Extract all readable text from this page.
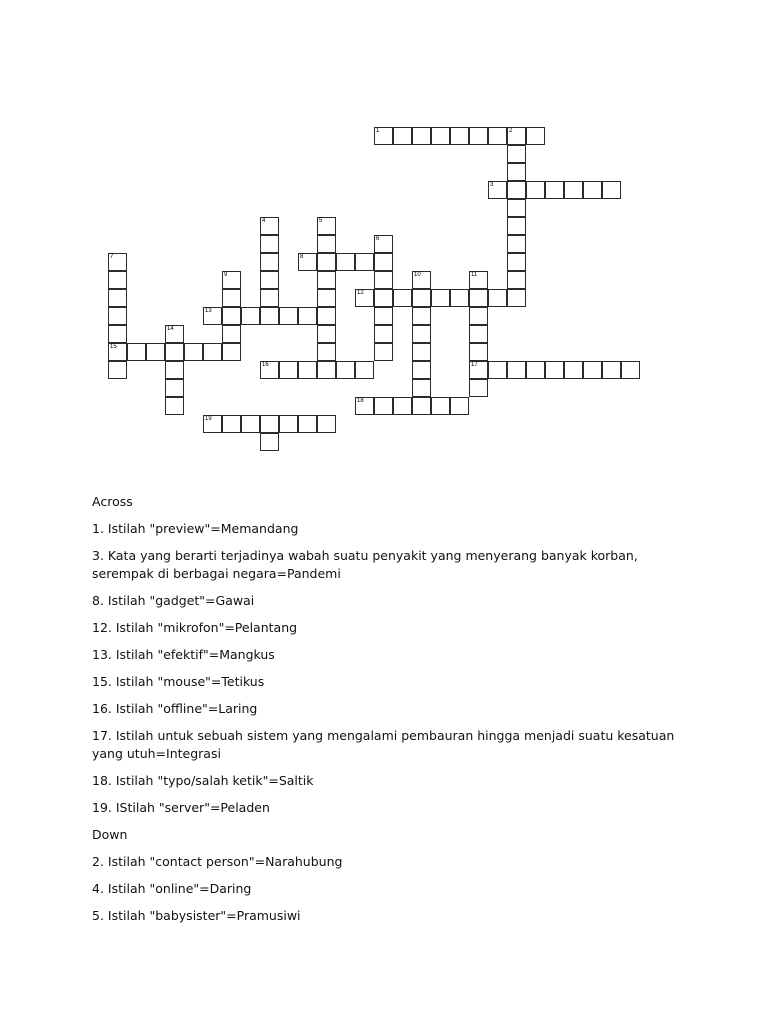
1	2
3
4	5
6
7
15
8
9	10	11
17
12
13
14
16
18
19

Across

1. Istilah "preview"=Memandang

3. Kata yang berarti terjadinya wabah suatu penyakit yang menyerang banyak korban, serempak di berbagai negara=Pandemi

8. Istilah "gadget"=Gawai

12. Istilah "mikrofon"=Pelantang

13. Istilah "efektif"=Mangkus

15. Istilah "mouse"=Tetikus

16. Istilah "offline"=Laring

17. Istilah untuk sebuah sistem yang mengalami pembauran hingga menjadi suatu kesatuan yang utuh=Integrasi

18. Istilah "typo/salah ketik"=Saltik

19. IStilah "server"=Peladen

Down

2. Istilah "contact person"=Narahubung

4. Istilah "online"=Daring

5. Istilah "babysister"=Pramusiwi
